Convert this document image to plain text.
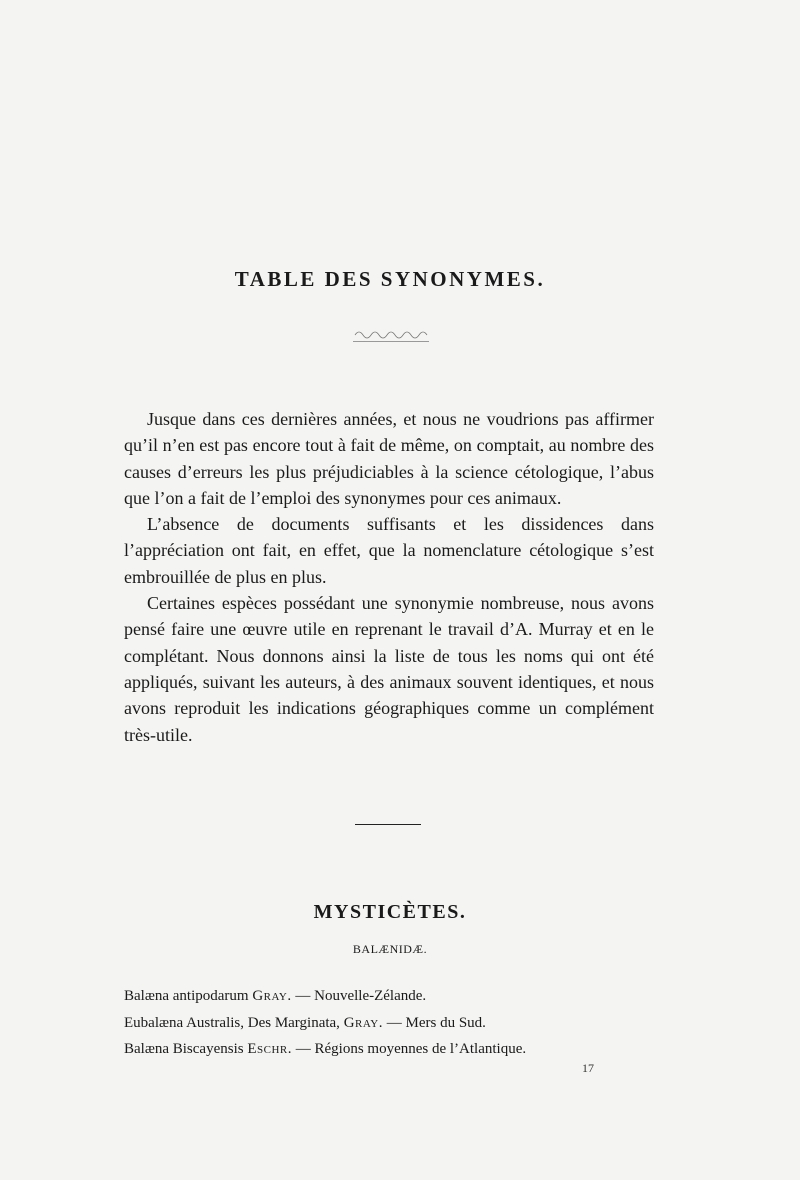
TABLE DES SYNONYMES.

Jusque dans ces dernières années, et nous ne voudrions pas affirmer qu’il n’en est pas encore tout à fait de même, on comptait, au nombre des causes d’erreurs les plus préjudiciables à la science cétologique, l’abus que l’on a fait de l’emploi des synonymes pour ces animaux.

L’absence de documents suffisants et les dissidences dans l’appréciation ont fait, en effet, que la nomenclature cétologique s’est embrouillée de plus en plus.

Certaines espèces possédant une synonymie nombreuse, nous avons pensé faire une œuvre utile en reprenant le travail d’A. Murray et en le complétant. Nous donnons ainsi la liste de tous les noms qui ont été appliqués, suivant les auteurs, à des animaux souvent identiques, et nous avons reproduit les indications géographiques comme un complément très-utile.

MYSTICÈTES.
BALÆNIDÆ.
Balæna antipodarum Gray. — Nouvelle-Zélande.
Eubalæna Australis, Des Marginata, Gray. — Mers du Sud.
Balæna Biscayensis Eschr. — Régions moyennes de l’Atlantique.
17
